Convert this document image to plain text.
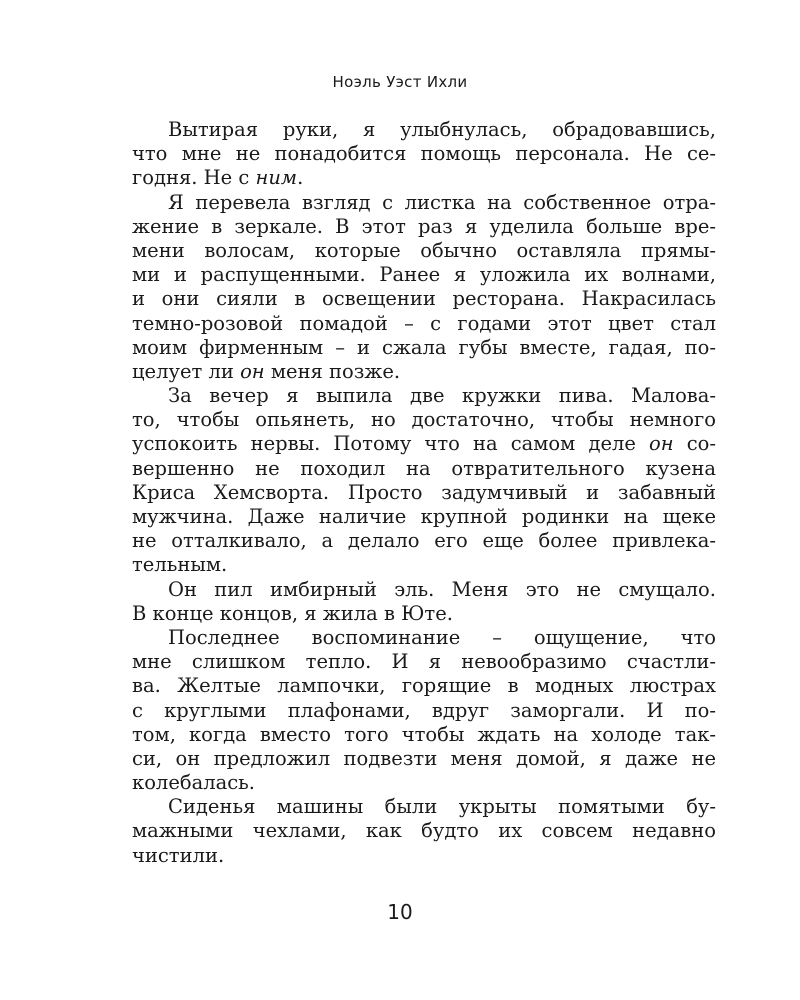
Ноэль Уэст Ихли
Вытирая руки, я улыбнулась, обрадовавшись,
что мне не понадобится помощь персонала. Не се-
годня. Не с ним.
Я перевела взгляд с листка на собственное отра-
жение в зеркале. В этот раз я уделила больше вре-
мени волосам, которые обычно оставляла прямы-
ми и распущенными. Ранее я уложила их волнами,
и они сияли в освещении ресторана. Накрасилась
темно-розовой помадой – с годами этот цвет стал
моим фирменным – и сжала губы вместе, гадая, по-
целует ли он меня позже.
За вечер я выпила две кружки пива. Малова-
то, чтобы опьянеть, но достаточно, чтобы немного
успокоить нервы. Потому что на самом деле он со-
вершенно не походил на отвратительного кузена
Криса Хемсворта. Просто задумчивый и забавный
мужчина. Даже наличие крупной родинки на щеке
не отталкивало, а делало его еще более привлека-
тельным.
Он пил имбирный эль. Меня это не смущало.
В конце концов, я жила в Юте.
Последнее воспоминание – ощущение, что
мне слишком тепло. И я невообразимо счастли-
ва. Желтые лампочки, горящие в модных люстрах
с круглыми плафонами, вдруг заморгали. И по-
том, когда вместо того чтобы ждать на холоде так-
си, он предложил подвезти меня домой, я даже не
колебалась.
Сиденья машины были укрыты помятыми бу-
мажными чехлами, как будто их совсем недавно
чистили.
10
